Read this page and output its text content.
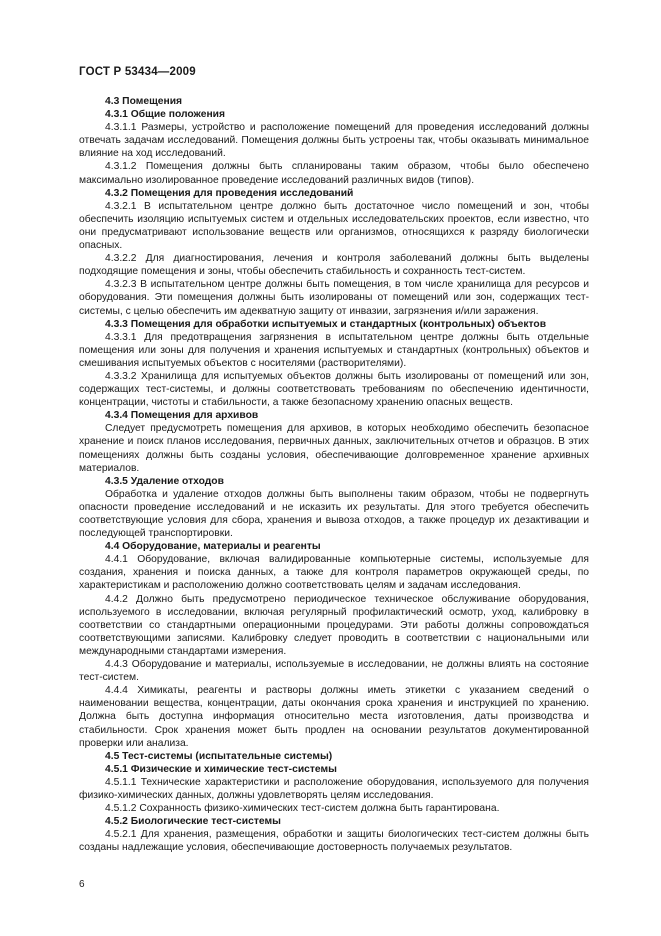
ГОСТ Р 53434—2009

4.3 Помещения

4.3.1 Общие положения

4.3.1.1 Размеры, устройство и расположение помещений для проведения исследований должны отвечать задачам исследований. Помещения должны быть устроены так, чтобы оказывать минимальное влияние на ход исследований.

4.3.1.2 Помещения должны быть спланированы таким образом, чтобы было обеспечено максимально изолированное проведение исследований различных видов (типов).

4.3.2 Помещения для проведения исследований

4.3.2.1 В испытательном центре должно быть достаточное число помещений и зон, чтобы обеспечить изоляцию испытуемых систем и отдельных исследовательских проектов, если известно, что они предусматривают использование веществ или организмов, относящихся к разряду биологически опасных.

4.3.2.2 Для диагностирования, лечения и контроля заболеваний должны быть выделены подходящие помещения и зоны, чтобы обеспечить стабильность и сохранность тест-систем.

4.3.2.3 В испытательном центре должны быть помещения, в том числе хранилища для ресурсов и оборудования. Эти помещения должны быть изолированы от помещений или зон, содержащих тест-системы, с целью обеспечить им адекватную защиту от инвазии, загрязнения и/или заражения.

4.3.3 Помещения для обработки испытуемых и стандартных (контрольных) объектов

4.3.3.1 Для предотвращения загрязнения в испытательном центре должны быть отдельные помещения или зоны для получения и хранения испытуемых и стандартных (контрольных) объектов и смешивания испытуемых объектов с носителями (растворителями).

4.3.3.2 Хранилища для испытуемых объектов должны быть изолированы от помещений или зон, содержащих тест-системы, и должны соответствовать требованиям по обеспечению идентичности, концентрации, чистоты и стабильности, а также безопасному хранению опасных веществ.

4.3.4 Помещения для архивов

Следует предусмотреть помещения для архивов, в которых необходимо обеспечить безопасное хранение и поиск планов исследования, первичных данных, заключительных отчетов и образцов. В этих помещениях должны быть созданы условия, обеспечивающие долговременное хранение архивных материалов.

4.3.5 Удаление отходов

Обработка и удаление отходов должны быть выполнены таким образом, чтобы не подвергнуть опасности проведение исследований и не исказить их результаты. Для этого требуется обеспечить соответствующие условия для сбора, хранения и вывоза отходов, а также процедур их дезактивации и последующей транспортировки.

4.4 Оборудование, материалы и реагенты

4.4.1 Оборудование, включая валидированные компьютерные системы, используемые для создания, хранения и поиска данных, а также для контроля параметров окружающей среды, по характеристикам и расположению должно соответствовать целям и задачам исследования.

4.4.2 Должно быть предусмотрено периодическое техническое обслуживание оборудования, используемого в исследовании, включая регулярный профилактический осмотр, уход, калибровку в соответствии со стандартными операционными процедурами. Эти работы должны сопровождаться соответствующими записями. Калибровку следует проводить в соответствии с национальными или международными стандартами измерения.

4.4.3 Оборудование и материалы, используемые в исследовании, не должны влиять на состояние тест-систем.

4.4.4 Химикаты, реагенты и растворы должны иметь этикетки с указанием сведений о наименовании вещества, концентрации, даты окончания срока хранения и инструкцией по хранению. Должна быть доступна информация относительно места изготовления, даты производства и стабильности. Срок хранения может быть продлен на основании результатов документированной проверки или анализа.

4.5 Тест-системы (испытательные системы)

4.5.1 Физические и химические тест-системы

4.5.1.1 Технические характеристики и расположение оборудования, используемого для получения физико-химических данных, должны удовлетворять целям исследования.

4.5.1.2 Сохранность физико-химических тест-систем должна быть гарантирована.

4.5.2 Биологические тест-системы

4.5.2.1 Для хранения, размещения, обработки и защиты биологических тест-систем должны быть созданы надлежащие условия, обеспечивающие достоверность получаемых результатов.

6
